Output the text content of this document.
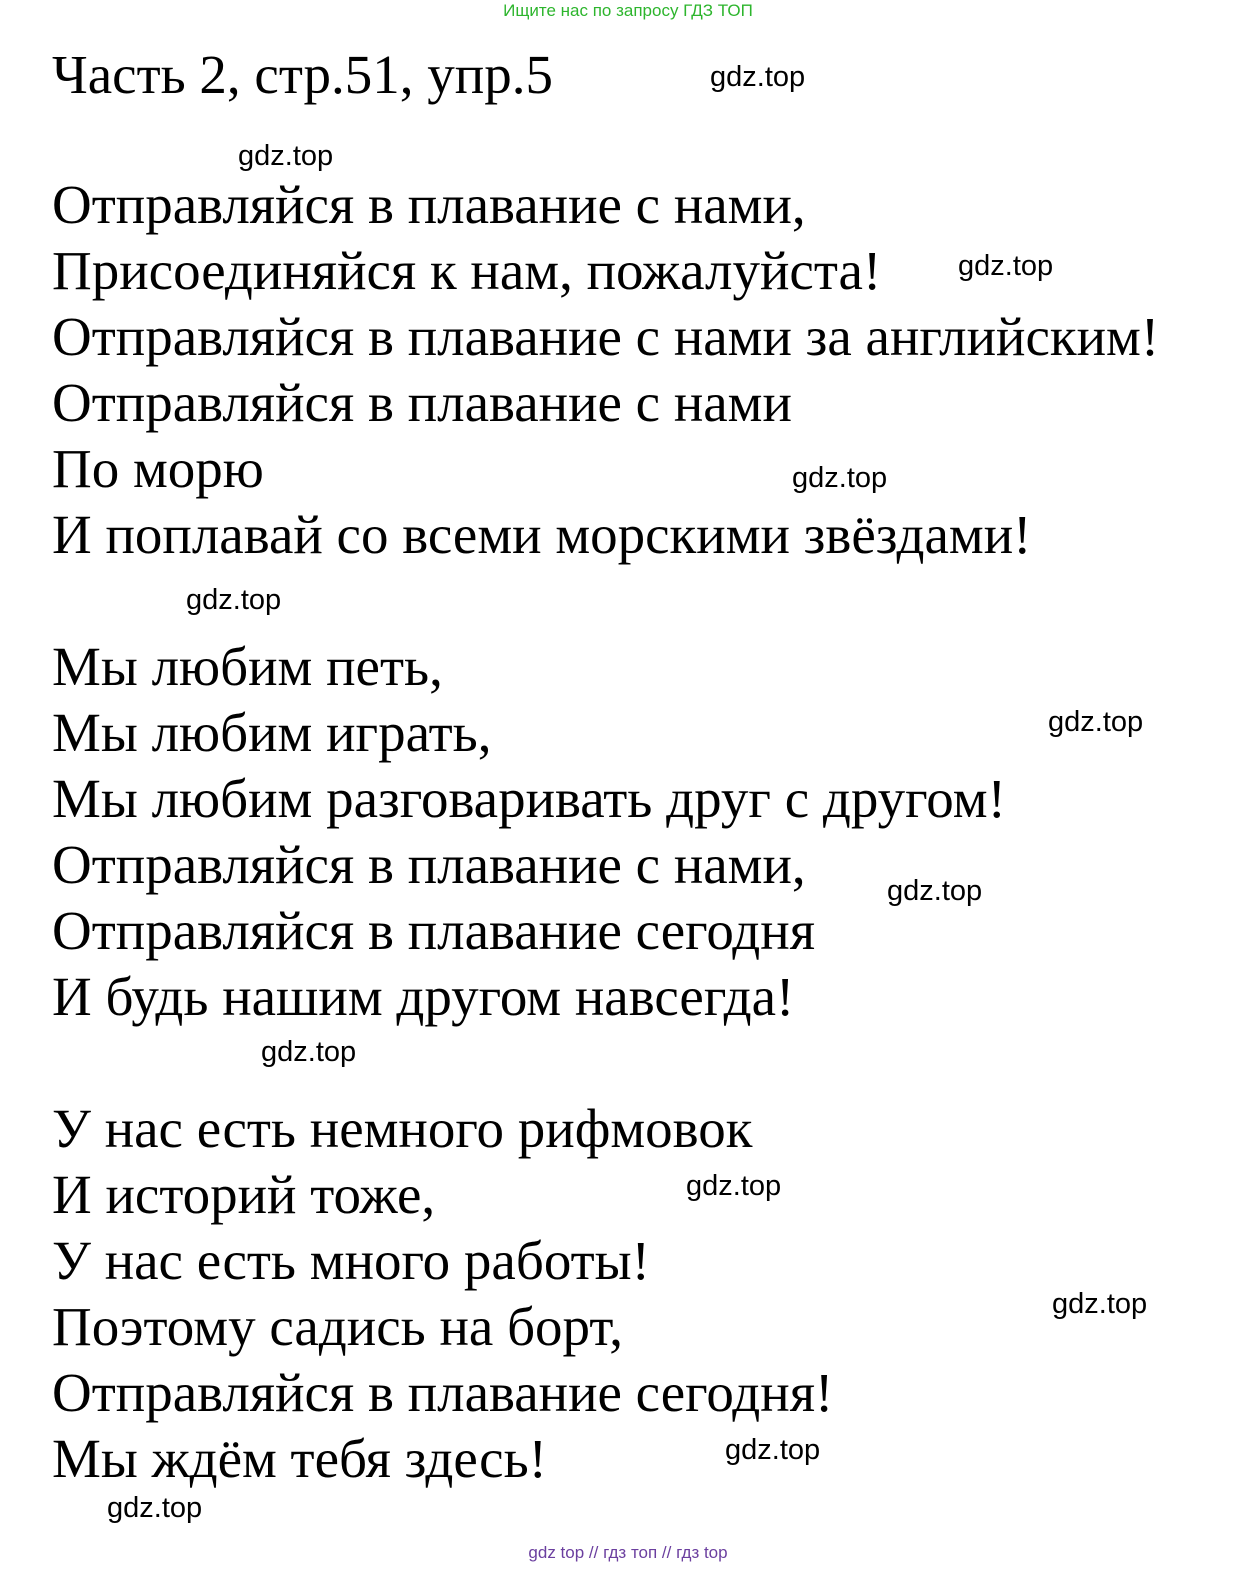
Ищите нас по запросу ГДЗ ТОП
Часть 2, стр.51, упр.5
Отправляйся в плавание с нами,
Присоединяйся к нам, пожалуйста!
Отправляйся в плавание с нами за английским!
Отправляйся в плавание с нами
По морю
И поплавай со всеми морскими звёздами!
Мы любим петь,
Мы любим играть,
Мы любим разговаривать друг с другом!
Отправляйся в плавание с нами,
Отправляйся в плавание сегодня
И будь нашим другом навсегда!
У нас есть немного рифмовок
И историй тоже,
У нас есть много работы!
Поэтому садись на борт,
Отправляйся в плавание сегодня!
Мы ждём тебя здесь!
gdz.top
gdz.top
gdz.top
gdz.top
gdz.top
gdz.top
gdz.top
gdz.top
gdz.top
gdz.top
gdz.top
gdz.top
gdz top // гдз топ // гдз top
